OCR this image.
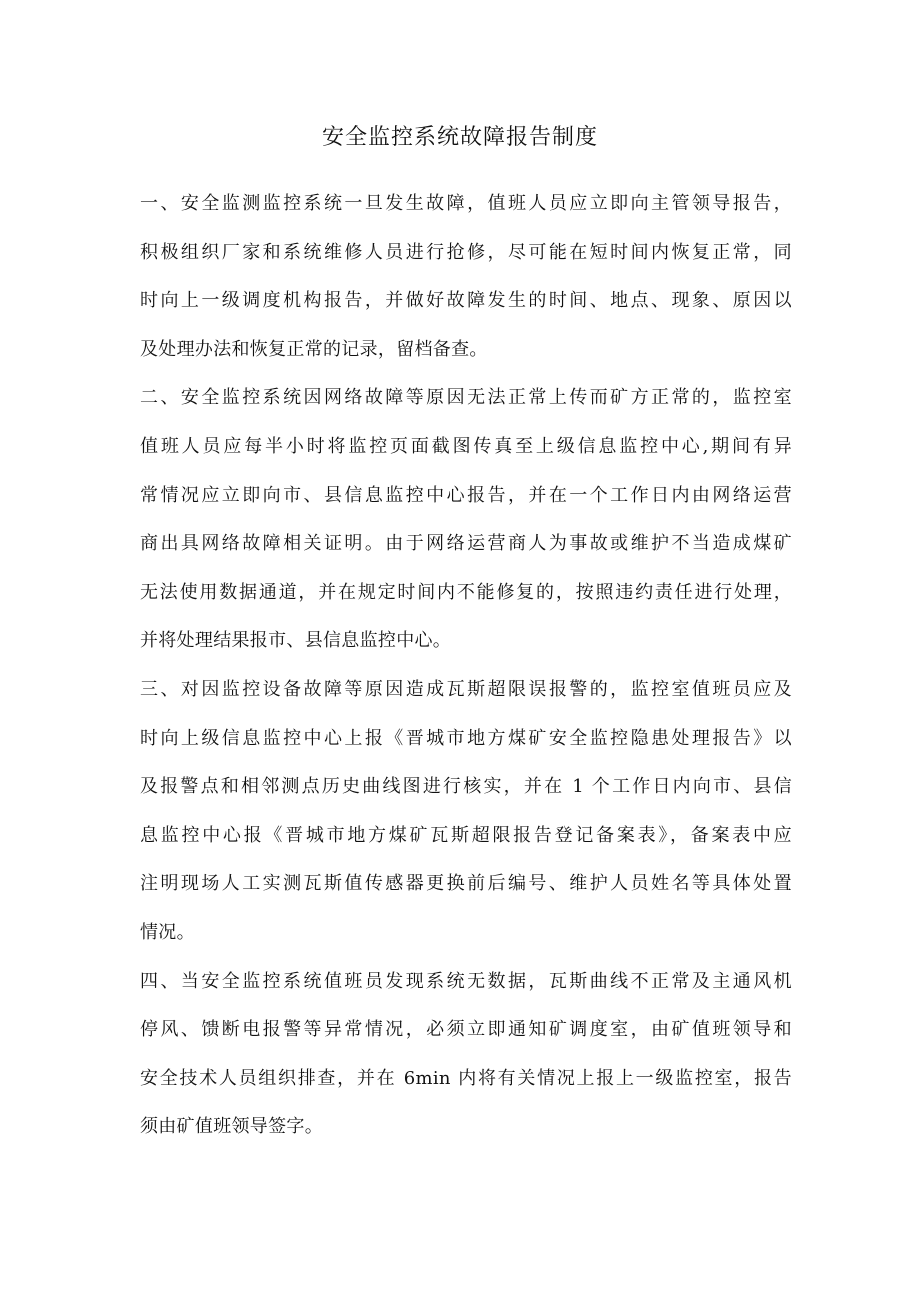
安全监控系统故障报告制度

一、安全监测监控系统一旦发生故障，值班人员应立即向主管领导报告，
积极组织厂家和系统维修人员进行抢修，尽可能在短时间内恢复正常，同
时向上一级调度机构报告，并做好故障发生的时间、地点、现象、原因以
及处理办法和恢复正常的记录，留档备查。

二、安全监控系统因网络故障等原因无法正常上传而矿方正常的，监控室
值班人员应每半小时将监控页面截图传真至上级信息监控中心,期间有异
常情况应立即向市、县信息监控中心报告，并在一个工作日内由网络运营
商出具网络故障相关证明。由于网络运营商人为事故或维护不当造成煤矿
无法使用数据通道，并在规定时间内不能修复的，按照违约责任进行处理，
并将处理结果报市、县信息监控中心。

三、对因监控设备故障等原因造成瓦斯超限误报警的，监控室值班员应及
时向上级信息监控中心上报《晋城市地方煤矿安全监控隐患处理报告》以
及报警点和相邻测点历史曲线图进行核实，并在 1 个工作日内向市、县信
息监控中心报《晋城市地方煤矿瓦斯超限报告登记备案表》，备案表中应
注明现场人工实测瓦斯值传感器更换前后编号、维护人员姓名等具体处置
情况。

四、当安全监控系统值班员发现系统无数据，瓦斯曲线不正常及主通风机
停风、馈断电报警等异常情况，必须立即通知矿调度室，由矿值班领导和
安全技术人员组织排查，并在 6min 内将有关情况上报上一级监控室，报告
须由矿值班领导签字。
